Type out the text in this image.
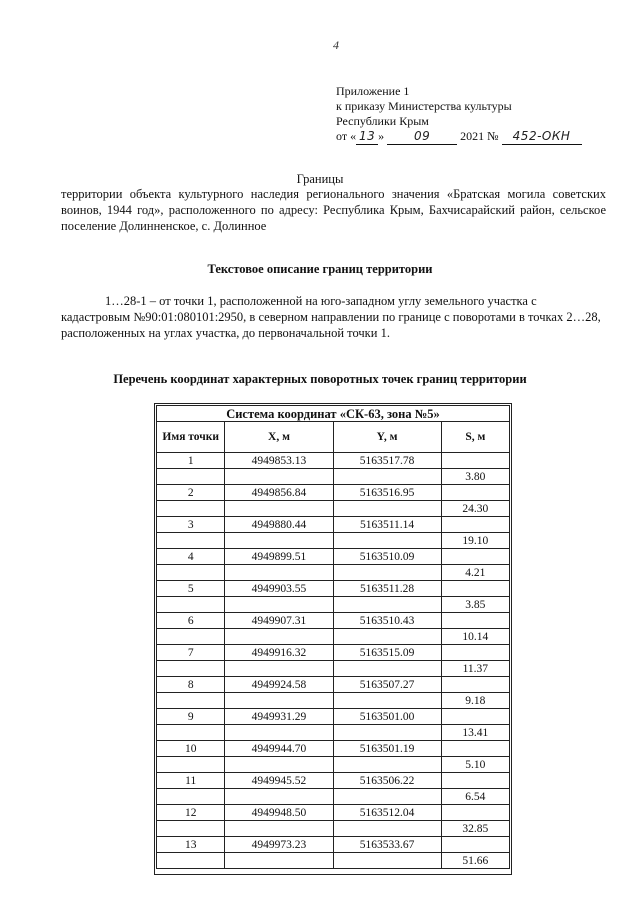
4
Приложение 1
к приказу Министерства культуры
Республики Крым
от « 13 » 09 2021 № 452-ОКН
Границы
территории объекта культурного наследия регионального значения «Братская могила советских воинов, 1944 год», расположенного по адресу: Республика Крым, Бахчисарайский район, сельское поселение Долинненское, с. Долинное
Текстовое описание границ территории
1…28-1 – от точки 1, расположенной на юго-западном углу земельного участка с кадастровым №90:01:080101:2950, в северном направлении по границе с поворотами в точках 2…28, расположенных на углах участка, до первоначальной точки 1.
Перечень координат характерных поворотных точек границ территории
Система координат «СК-63, зона №5»			
Имя точки	X, м	Y, м	S, м
1	4949853.13	5163517.78	
			3.80
2	4949856.84	5163516.95	
			24.30
3	4949880.44	5163511.14	
			19.10
4	4949899.51	5163510.09	
			4.21
5	4949903.55	5163511.28	
			3.85
6	4949907.31	5163510.43	
			10.14
7	4949916.32	5163515.09	
			11.37
8	4949924.58	5163507.27	
			9.18
9	4949931.29	5163501.00	
			13.41
10	4949944.70	5163501.19	
			5.10
11	4949945.52	5163506.22	
			6.54
12	4949948.50	5163512.04	
			32.85
13	4949973.23	5163533.67	
			51.66
